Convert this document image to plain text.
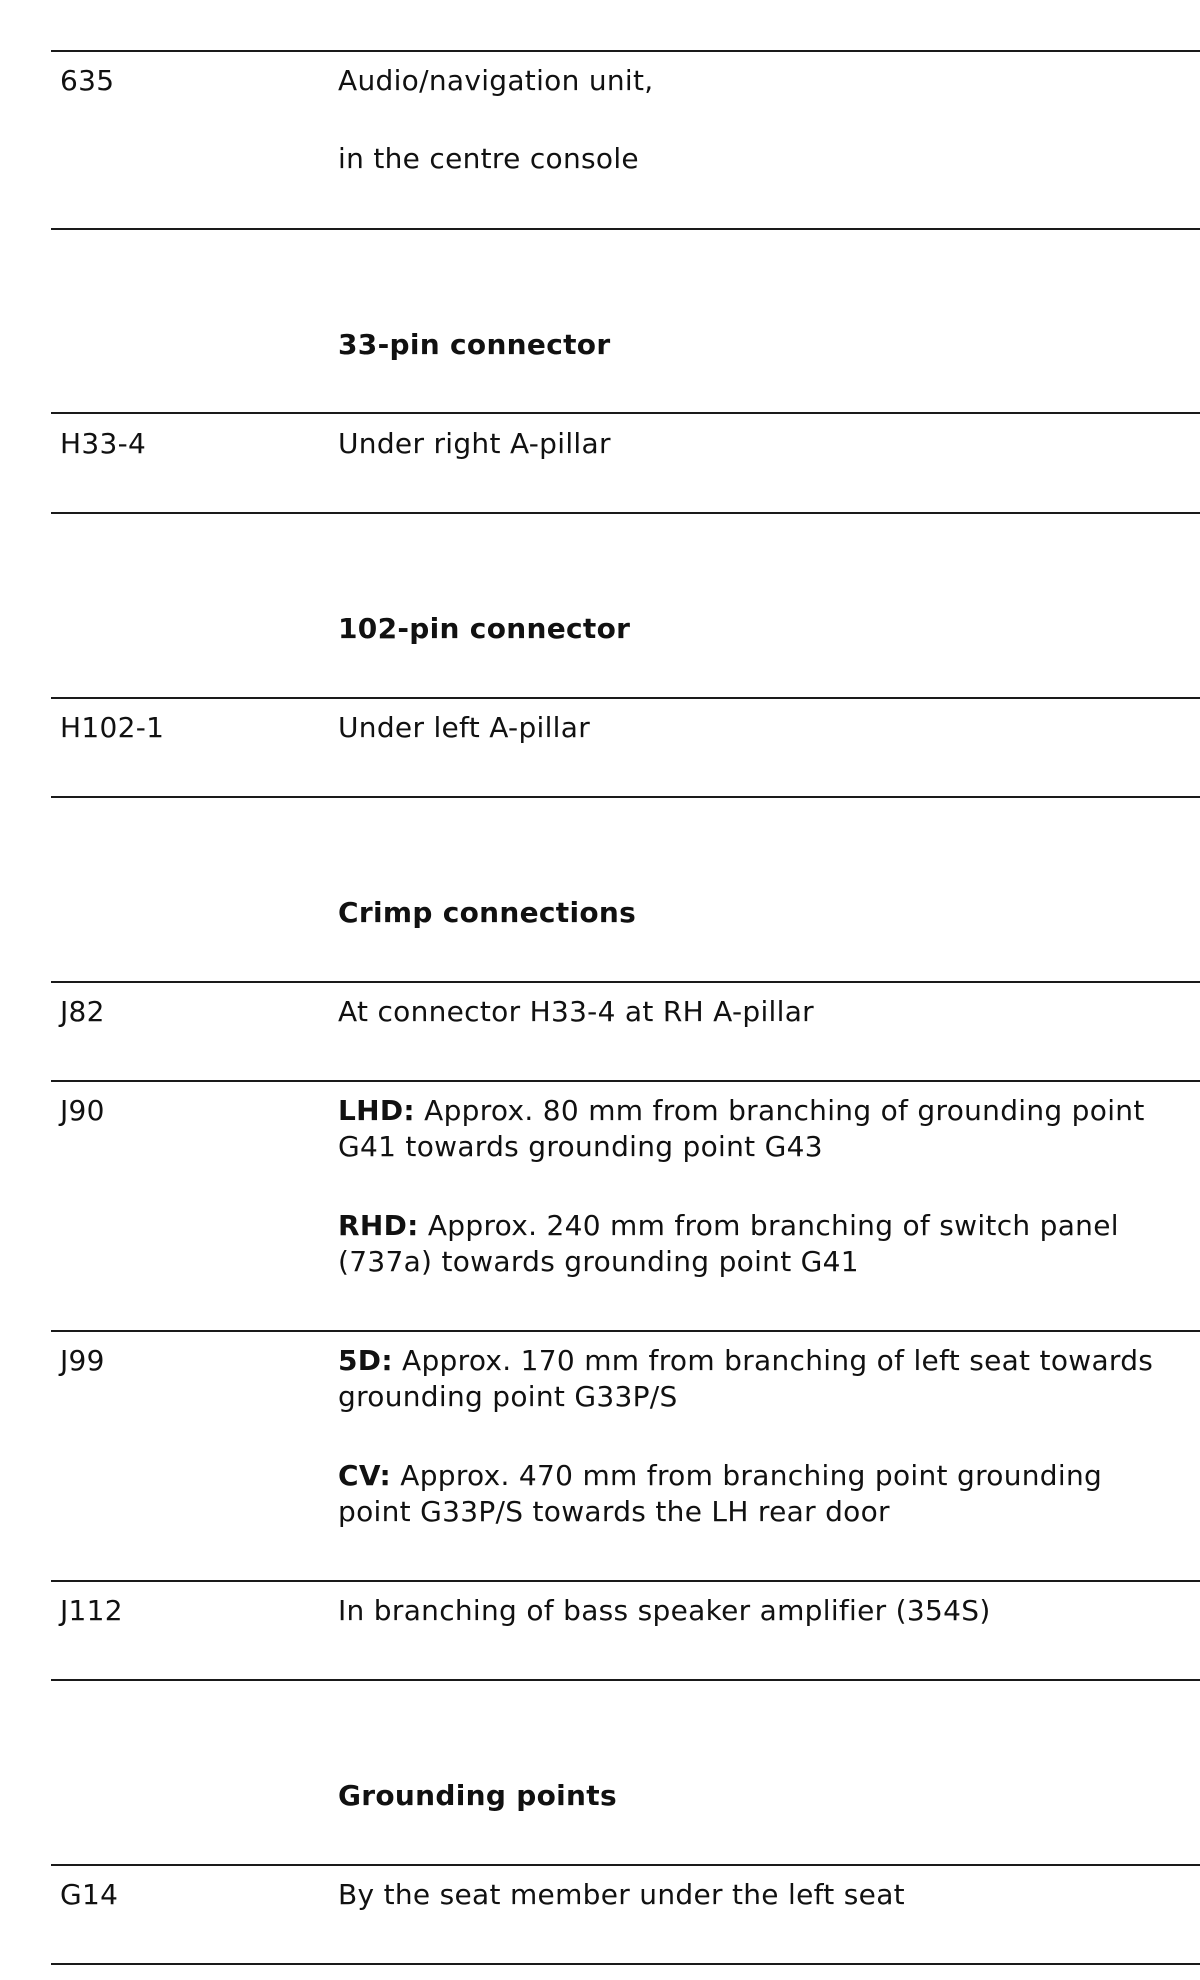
635	Audio/navigation unit,
in the centre console
33-pin connector
H33-4	Under right A-pillar
102-pin connector
H102-1	Under left A-pillar
Crimp connections
J82	At connector H33-4 at RH A-pillar
J90	LHD: Approx. 80 mm from branching of grounding point
G41 towards grounding point G43
RHD: Approx. 240 mm from branching of switch panel
(737a) towards grounding point G41
J99	5D: Approx. 170 mm from branching of left seat towards
grounding point G33P/S
CV: Approx. 470 mm from branching point grounding
point G33P/S towards the LH rear door
J112	In branching of bass speaker amplifier (354S)
Grounding points
G14	By the seat member under the left seat
